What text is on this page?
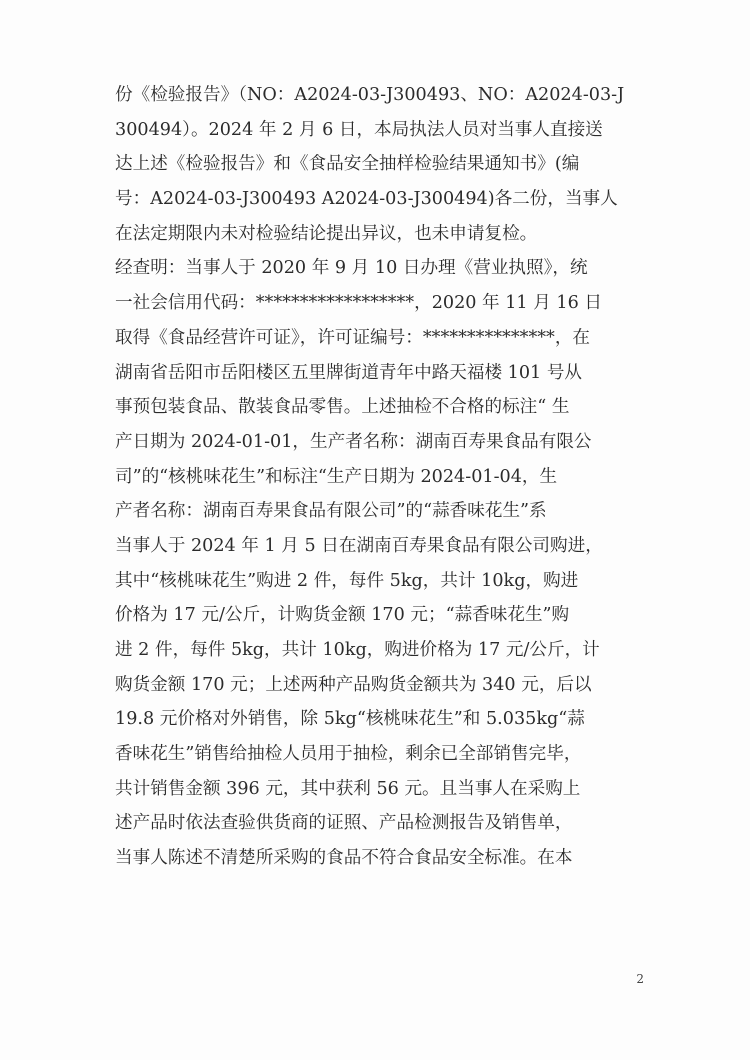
份《检验报告》（NO：A2024-03-J300493、NO：A2024-03-J
300494）。2024 年 2 月 6 日，本局执法人员对当事人直接送
达上述《检验报告》和《食品安全抽样检验结果通知书》(编
号：A2024-03-J300493 A2024-03-J300494)各二份，当事人
在法定期限内未对检验结论提出异议，也未申请复检。
经查明：当事人于 2020 年 9 月 10 日办理《营业执照》，统
一社会信用代码：******************，2020 年 11 月 16 日
取得《食品经营许可证》，许可证编号：***************，在
湖南省岳阳市岳阳楼区五里牌街道青年中路天福楼 101 号从
事预包装食品、散装食品零售。上述抽检不合格的标注“ 生
产日期为 2024-01-01，生产者名称：湖南百寿果食品有限公
司”的“核桃味花生”和标注“生产日期为 2024-01-04，生
产者名称：湖南百寿果食品有限公司”的“蒜香味花生”系
当事人于 2024 年 1 月 5 日在湖南百寿果食品有限公司购进，
其中“核桃味花生”购进 2 件，每件 5kg，共计 10kg，购进
价格为 17 元/公斤，计购货金额 170 元；“蒜香味花生”购
进 2 件，每件 5kg，共计 10kg，购进价格为 17 元/公斤，计
购货金额 170 元；上述两种产品购货金额共为 340 元，后以
19.8 元价格对外销售，除 5kg“核桃味花生”和 5.035kg“蒜
香味花生”销售给抽检人员用于抽检，剩余已全部销售完毕，
共计销售金额 396 元，其中获利 56 元。且当事人在采购上
述产品时依法查验供货商的证照、产品检测报告及销售单，
当事人陈述不清楚所采购的食品不符合食品安全标准。在本
2
